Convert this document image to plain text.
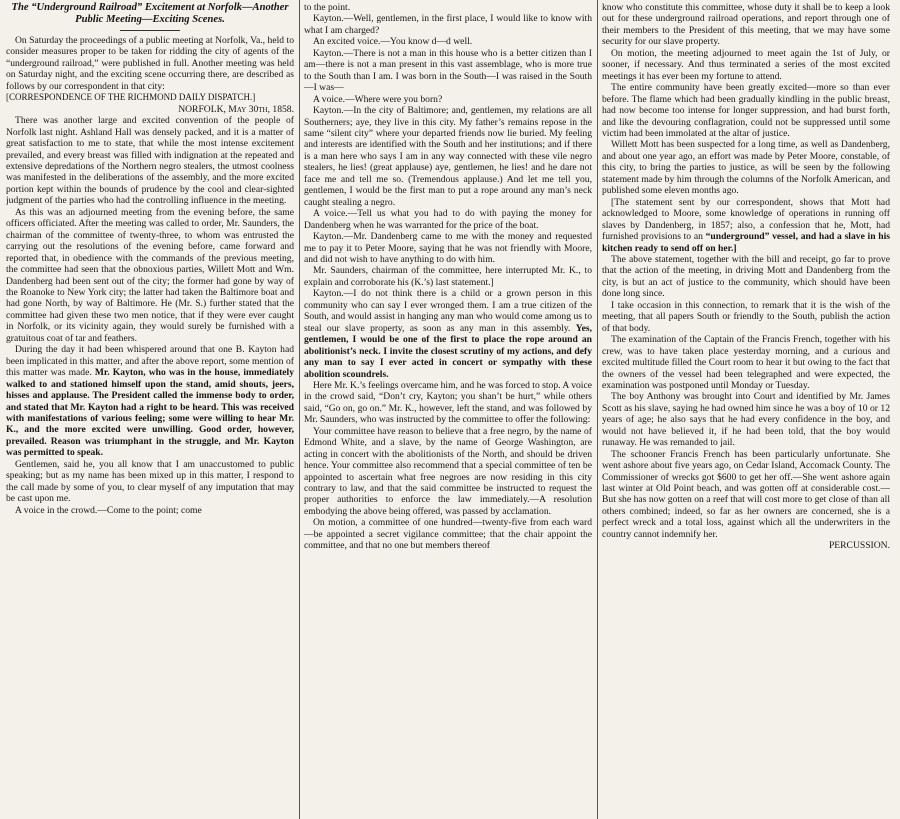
The “Underground Railroad” Excitement at Norfolk—Another Public Meeting—Exciting Scenes.

On Saturday the proceedings of a public meeting at Norfolk, Va., held to consider measures proper to be taken for ridding the city of agents of the “underground railroad,” were published in full. Another meeting was held on Saturday night, and the exciting scene occurring there, are described as follows by our correspondent in that city:

[CORRESPONDENCE OF THE RICHMOND DAILY DISPATCH.]

NORFOLK, May 30th, 1858.

There was another large and excited convention of the people of Norfolk last night. Ashland Hall was densely packed, and it is a matter of great satisfaction to me to state, that while the most intense excitement prevailed, and every breast was filled with indignation at the repeated and extensive depredations of the Northern negro stealers, the utmost coolness was manifested in the deliberations of the assembly, and the more excited portion kept within the bounds of prudence by the cool and clear-sighted judgment of the parties who had the controlling influence in the meeting.

As this was an adjourned meeting from the evening before, the same officers officiated. After the meeting was called to order, Mr. Saunders, the chairman of the committee of twenty-three, to whom was entrusted the carrying out the resolutions of the evening before, came forward and reported that, in obedience with the commands of the previous meeting, the committee had seen that the obnoxious parties, Willett Mott and Wm. Dandenberg had been sent out of the city; the former had gone by way of the Roanoke to New York city; the latter had taken the Baltimore boat and had gone North, by way of Baltimore. He (Mr. S.) further stated that the committee had given these two men notice, that if they were ever caught in Norfolk, or its vicinity again, they would surely be furnished with a gratuitous coat of tar and feathers.

During the day it had been whispered around that one B. Kayton had been implicated in this matter, and after the above report, some mention of this matter was made. Mr. Kayton, who was in the house, immediately walked to and stationed himself upon the stand, amid shouts, jeers, hisses and applause. The President called the immense body to order, and stated that Mr. Kayton had a right to be heard. This was received with manifestations of various feeling; some were willing to hear Mr. K., and the more excited were unwilling. Good order, however, prevailed. Reason was triumphant in the struggle, and Mr. Kayton was permitted to speak.

Gentlemen, said he, you all know that I am unaccustomed to public speaking; but as my name has been mixed up in this matter, I respond to the call made by some of you, to clear myself of any imputation that may be cast upon me.

A voice in the crowd.—Come to the point; come

to the point.

Kayton.—Well, gentlemen, in the first place, I would like to know with what I am charged?

An excited voice.—You know d—d well.

Kayton.—There is not a man in this house who is a better citizen than I am—there is not a man present in this vast assemblage, who is more true to the South than I am. I was born in the South—I was raised in the South—I was—

A voice.—Where were you born?

Kayton.—In the city of Baltimore; and, gentlemen, my relations are all Southerners; aye, they live in this city. My father’s remains repose in the same “silent city” where your departed friends now lie buried. My feeling and interests are identified with the South and her institutions; and if there is a man here who says I am in any way connected with these vile negro stealers, he lies! (great applause) aye, gentlemen, he lies! and he dare not face me and tell me so. (Tremendous applause.) And let me tell you, gentlemen, I would be the first man to put a rope around any man’s neck caught stealing a negro.

A voice.—Tell us what you had to do with paying the money for Dandenberg when he was warranted for the price of the boat.

Kayton.—Mr. Dandenberg came to me with the money and requested me to pay it to Peter Moore, saying that he was not friendly with Moore, and did not wish to have anything to do with him.

Mr. Saunders, chairman of the committee, here interrupted Mr. K., to explain and corroborate his (K.’s) last statement.]

Kayton.—I do not think there is a child or a grown person in this community who can say I ever wronged them. I am a true citizen of the South, and would assist in hanging any man who would come among us to steal our slave property, as soon as any man in this assembly. Yes, gentlemen, I would be one of the first to place the rope around an abolitionist’s neck. I invite the closest scrutiny of my actions, and defy any man to say I ever acted in concert or sympathy with these abolition scoundrels.

Here Mr. K.’s feelings overcame him, and he was forced to stop. A voice in the crowd said, “Don’t cry, Kayton; you shan’t be hurt,” while others said, “Go on, go on.” Mr. K., however, left the stand, and was followed by Mr. Saunders, who was instructed by the committee to offer the following:

Your committee have reason to believe that a free negro, by the name of Edmond White, and a slave, by the name of George Washington, are acting in concert with the abolitionists of the North, and should be driven hence. Your committee also recommend that a special committee of ten be appointed to ascertain what free negroes are now residing in this city contrary to law, and that the said committee be instructed to request the proper authorities to enforce the law immediately.—A resolution embodying the above being offered, was passed by acclamation.

On motion, a committee of one hundred—twenty-five from each ward—be appointed a secret vigilance committee; that the chair appoint the committee, and that no one but members thereof

know who constitute this committee, whose duty it shall be to keep a look out for these underground railroad operations, and report through one of their members to the President of this meeting, that we may have some security for our slave property.

On motion, the meeting adjourned to meet again the 1st of July, or sooner, if necessary. And thus terminated a series of the most excited meetings it has ever been my fortune to attend.

The entire community have been greatly excited—more so than ever before. The flame which had been gradually kindling in the public breast, had now become too intense for longer suppression, and had burst forth, and like the devouring conflagration, could not be suppressed until some victim had been immolated at the altar of justice.

Willett Mott has been suspected for a long time, as well as Dandenberg, and about one year ago, an effort was made by Peter Moore, constable, of this city, to bring the parties to justice, as will be seen by the following statement made by him through the columns of the Norfolk American, and published some eleven months ago.

[The statement sent by our correspondent, shows that Mott had acknowledged to Moore, some knowledge of operations in running off slaves by Dandenberg, in 1857; also, a confession that he, Mott, had furnished provisions to an “underground” vessel, and had a slave in his kitchen ready to send off on her.]

The above statement, together with the bill and receipt, go far to prove that the action of the meeting, in driving Mott and Dandenberg from the city, is but an act of justice to the community, which should have been done long since.

I take occasion in this connection, to remark that it is the wish of the meeting, that all papers South or friendly to the South, publish the action of that body.

The examination of the Captain of the Francis French, together with his crew, was to have taken place yesterday morning, and a curious and excited multitude filled the Court room to hear it but owing to the fact that the owners of the vessel had been telegraphed and were expected, the examination was postponed until Monday or Tuesday.

The boy Anthony was brought into Court and identified by Mr. James Scott as his slave, saying he had owned him since he was a boy of 10 or 12 years of age; he also says that he had every confidence in the boy, and would not have believed it, if he had been told, that the boy would runaway. He was remanded to jail.

The schooner Francis French has been particularly unfortunate. She went ashore about five years ago, on Cedar Island, Accomack County. The Commissioner of wrecks got $600 to get her off.—She went ashore again last winter at Old Point beach, and was gotten off at considerable cost.—But she has now gotten on a reef that will cost more to get close of than all others combined; indeed, so far as her owners are concerned, she is a perfect wreck and a total loss, against which all the underwriters in the country cannot indemnify her.

PERCUSSION.
